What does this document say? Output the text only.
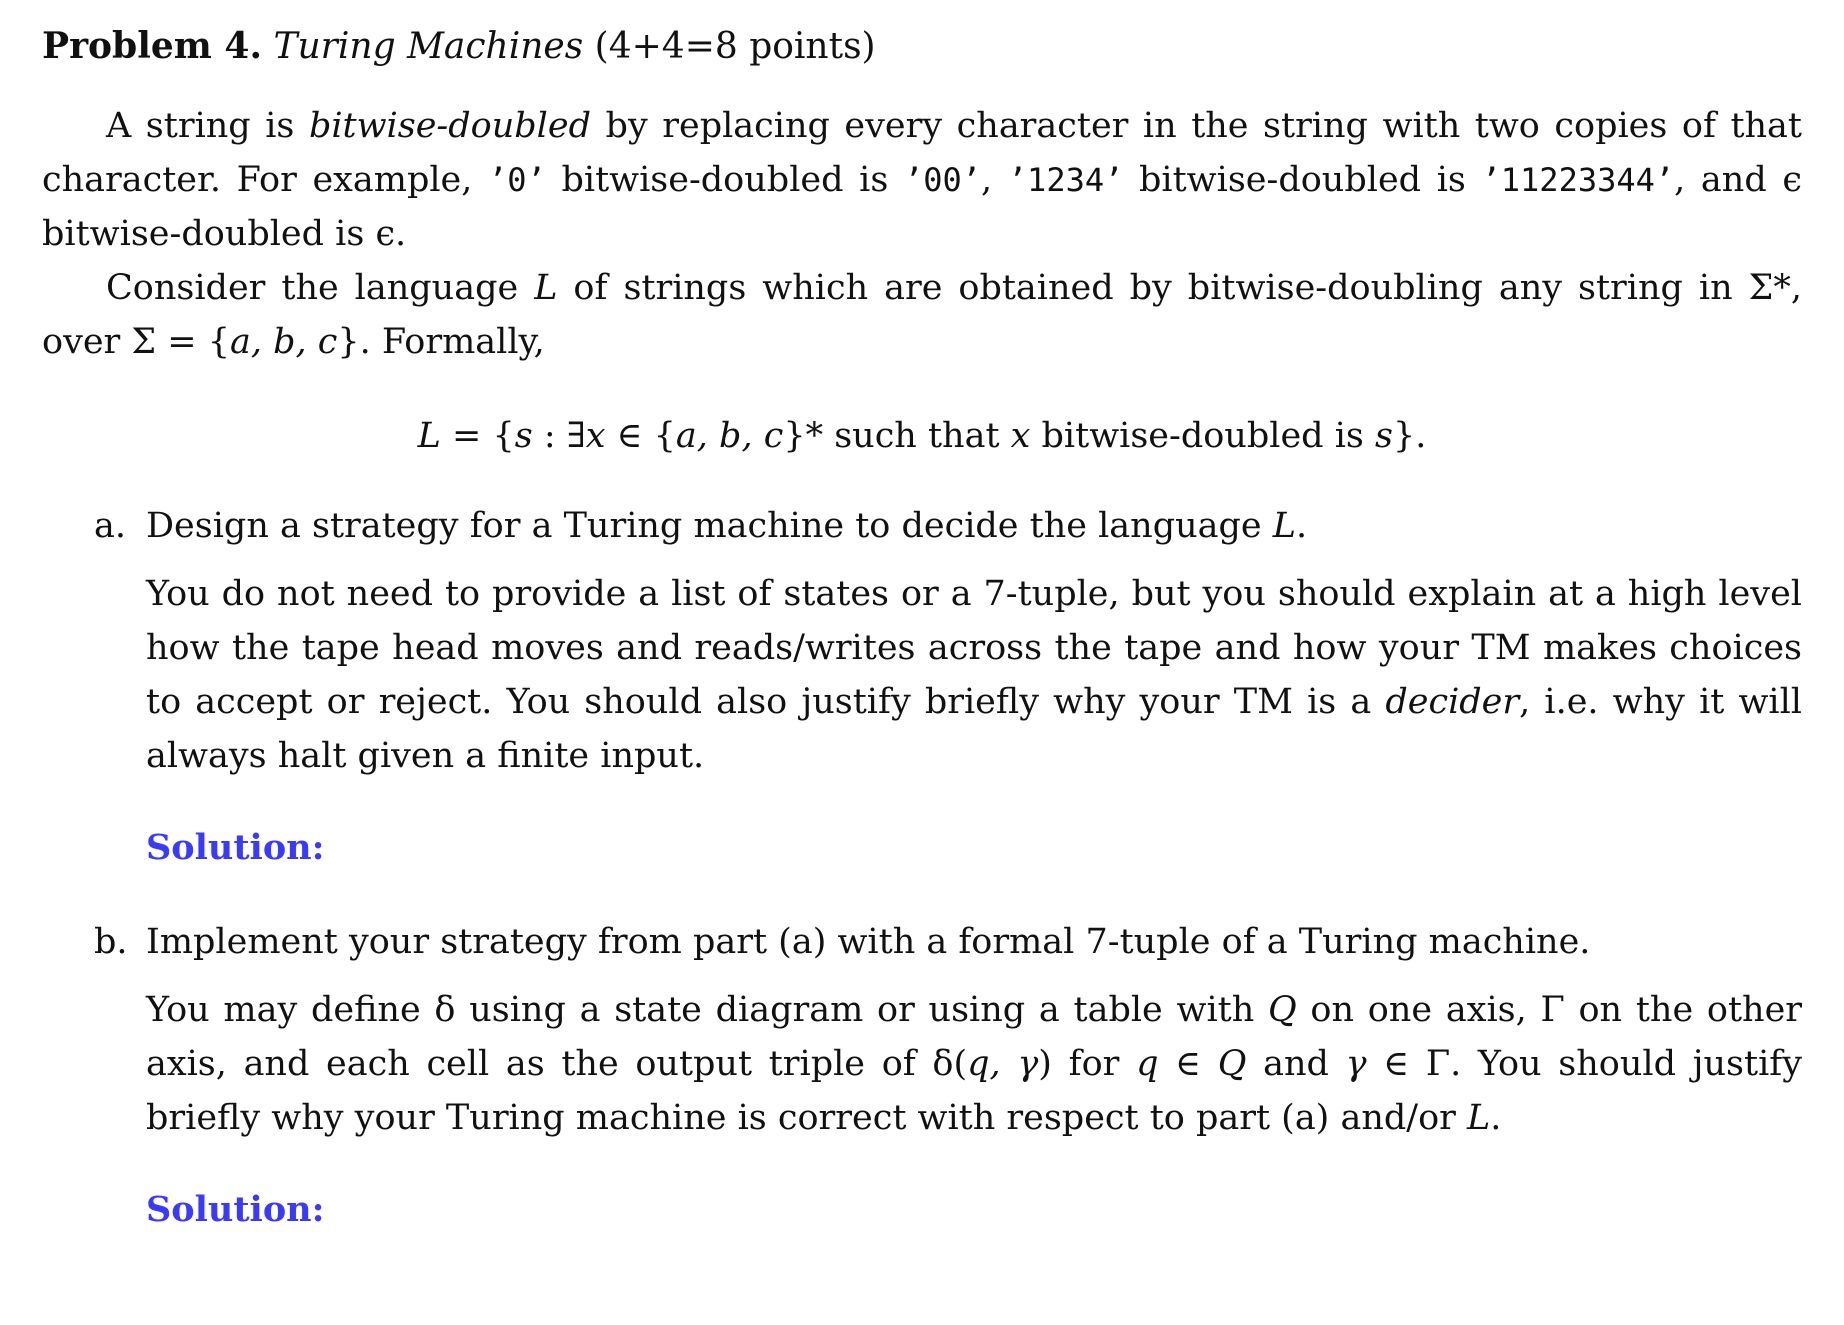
Problem 4. Turing Machines (4+4=8 points)

A string is bitwise-doubled by replacing every character in the string with two copies of that character. For example, ’0’ bitwise-doubled is ’00’, ’1234’ bitwise-doubled is ’11223344’, and ϵ bitwise-doubled is ϵ.

Consider the language L of strings which are obtained by bitwise-doubling any string in Σ*, over Σ = {a, b, c}. Formally,

L = {s : ∃x ∈ {a, b, c}* such that x bitwise-doubled is s}.
a. Design a strategy for a Turing machine to decide the language L.

You do not need to provide a list of states or a 7-tuple, but you should explain at a high level how the tape head moves and reads/writes across the tape and how your TM makes choices to accept or reject. You should also justify briefly why your TM is a decider, i.e. why it will always halt given a finite input.

Solution:
b. Implement your strategy from part (a) with a formal 7-tuple of a Turing machine.

You may define δ using a state diagram or using a table with Q on one axis, Γ on the other axis, and each cell as the output triple of δ(q, γ) for q ∈ Q and γ ∈ Γ. You should justify briefly why your Turing machine is correct with respect to part (a) and/or L.

Solution:
